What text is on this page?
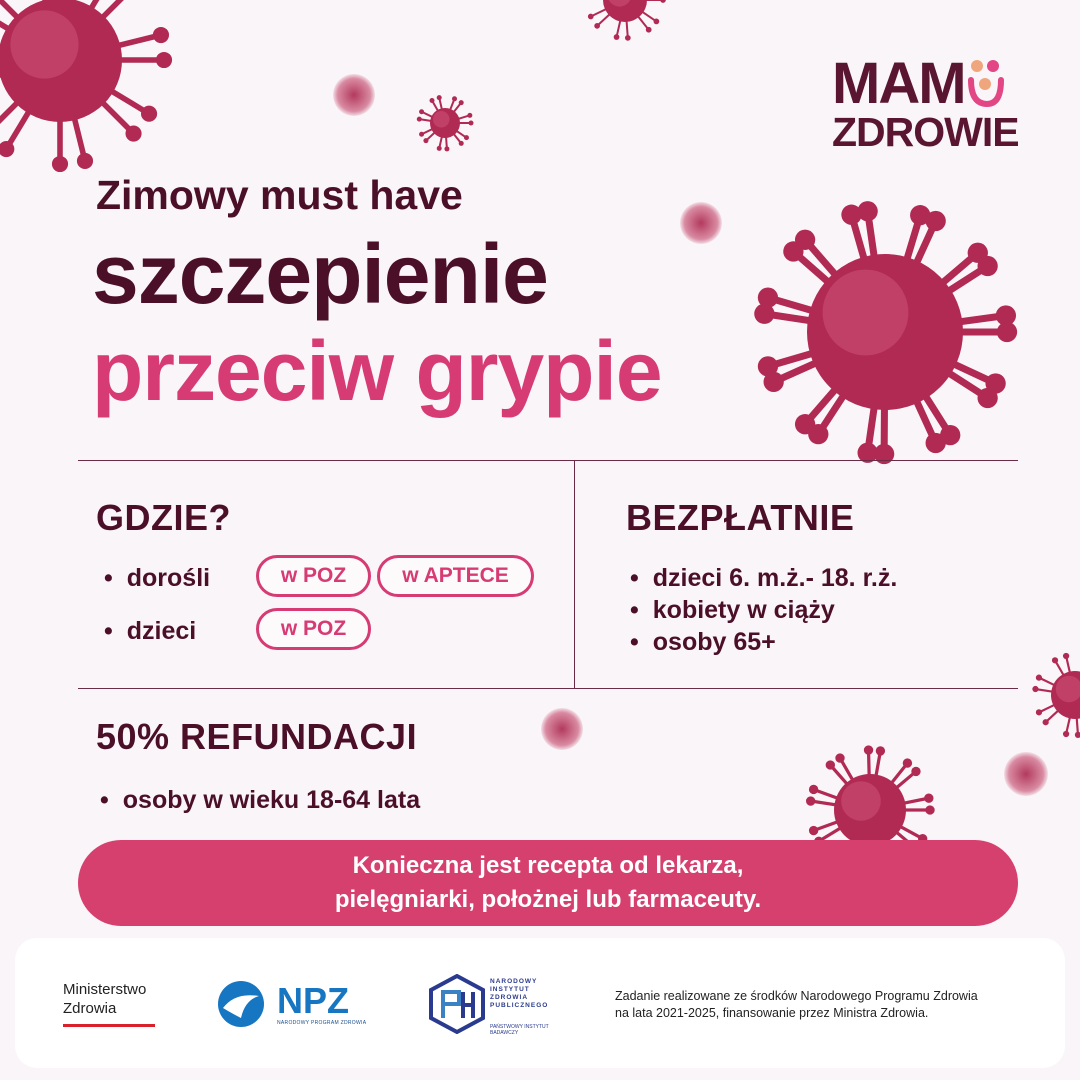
MAM
ZDROWIE
Zimowy must have
szczepienie
przeciw grypie
GDZIE?
• dorośli	w POZ	w APTECE
• dzieci	w POZ
BEZPŁATNIE
• dzieci 6. m.ż.- 18. r.ż.
• kobiety w ciąży
• osoby 65+
50% REFUNDACJI
• osoby w wieku 18-64 lata
Konieczna jest recepta od lekarza,
pielęgniarki, położnej lub farmaceuty.
Ministerstwo
Zdrowia	NPZ
NARODOWY PROGRAM ZDROWIA
NARODOWY
INSTYTUT
ZDROWIA
PUBLICZNEGO
PAŃSTWOWY INSTYTUT
BADAWCZY
Zadanie realizowane ze środków Narodowego Programu Zdrowia
na lata 2021-2025, finansowanie przez Ministra Zdrowia.
